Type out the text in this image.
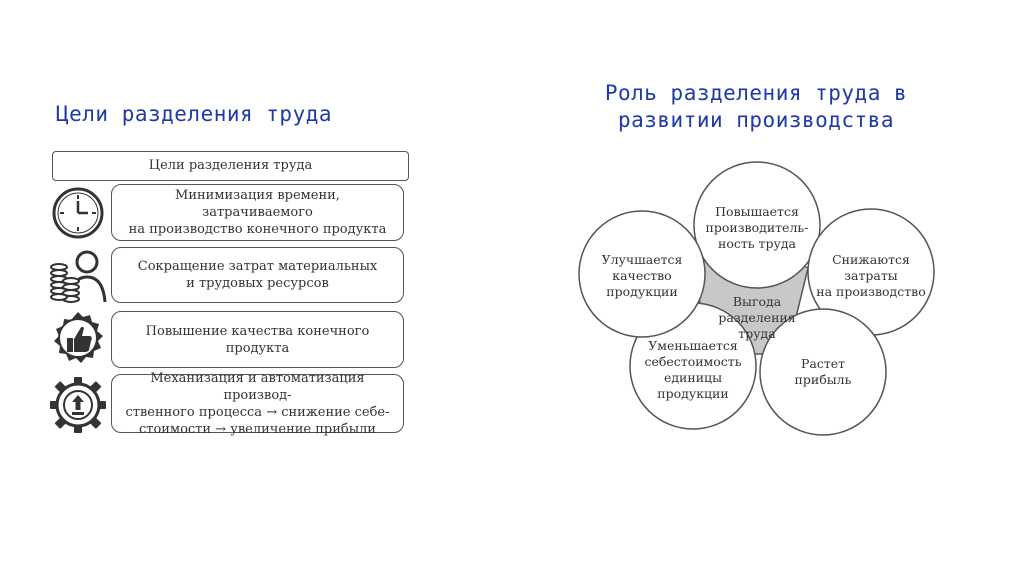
Цели разделения труда
Роль разделения труда в
развитии производства
Цели разделения труда
Минимизация времени, затрачиваемого
на производство конечного продукта
Сокращение затрат материальных
и трудовых ресурсов
Повышение качества конечного продукта
Механизация и автоматизация производ-
ственного процесса → снижение себе-
стоимости → увеличение прибыли
Выгода
разделения
труда
Повышается
производитель-
ность труда
Снижаются
затраты
на производство
Растет
прибыль
Уменьшается
себестоимость
единицы
продукции
Улучшается
качество
продукции
